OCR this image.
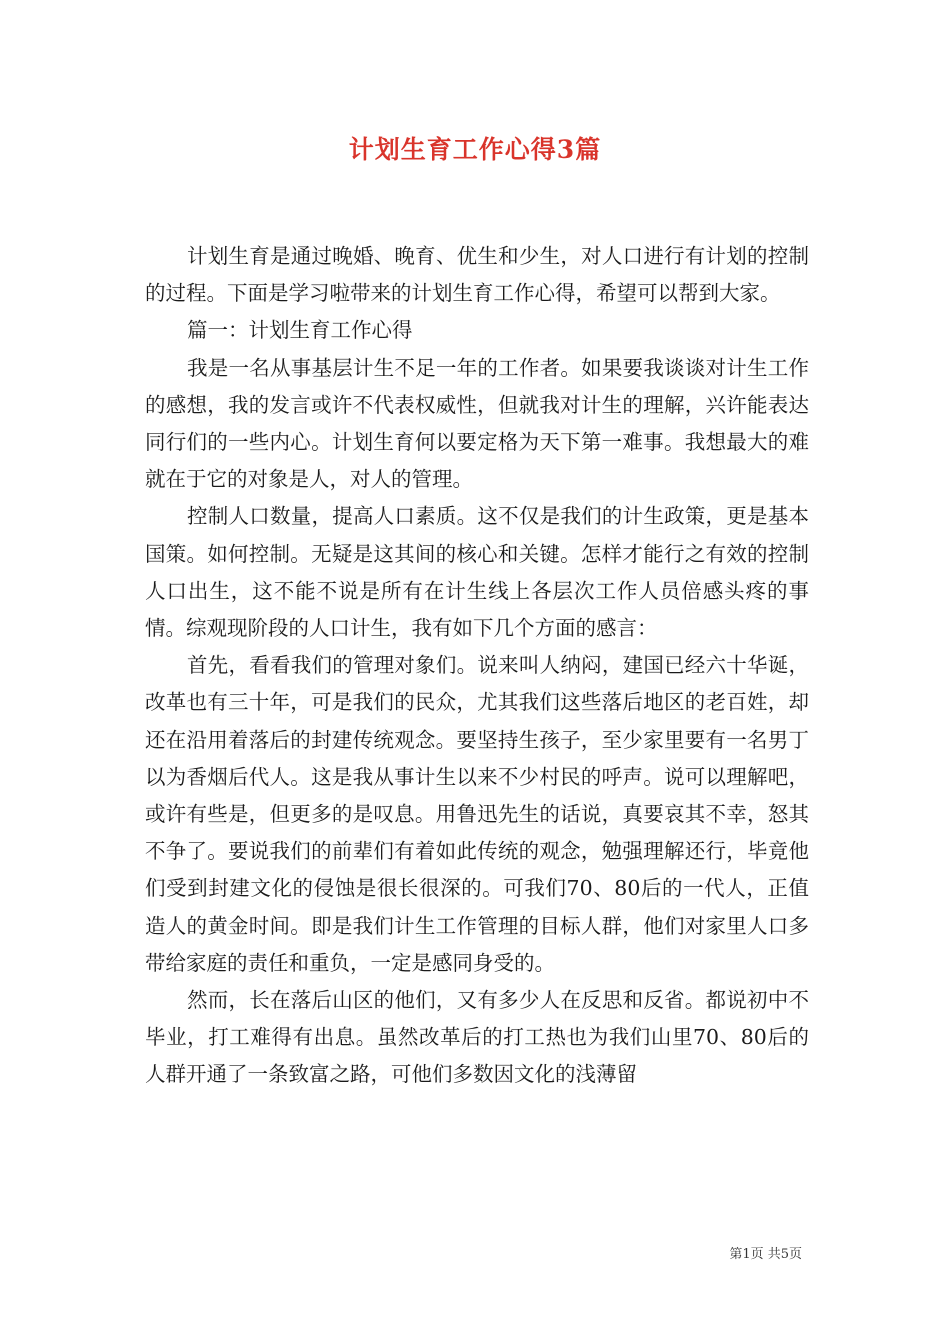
计划生育工作心得3篇

计划生育是通过晚婚、晚育、优生和少生，对人口进行有计划的控制的过程。下面是学习啦带来的计划生育工作心得，希望可以帮到大家。

篇一：计划生育工作心得

我是一名从事基层计生不足一年的工作者。如果要我谈谈对计生工作的感想，我的发言或许不代表权威性，但就我对计生的理解，兴许能表达同行们的一些内心。计划生育何以要定格为天下第一难事。我想最大的难就在于它的对象是人，对人的管理。

控制人口数量，提高人口素质。这不仅是我们的计生政策，更是基本国策。如何控制。无疑是这其间的核心和关键。怎样才能行之有效的控制人口出生，这不能不说是所有在计生线上各层次工作人员倍感头疼的事情。综观现阶段的人口计生，我有如下几个方面的感言：

首先，看看我们的管理对象们。说来叫人纳闷，建国已经六十华诞，改革也有三十年，可是我们的民众，尤其我们这些落后地区的老百姓，却还在沿用着落后的封建传统观念。要坚持生孩子，至少家里要有一名男丁以为香烟后代人。这是我从事计生以来不少村民的呼声。说可以理解吧，或许有些是，但更多的是叹息。用鲁迅先生的话说，真要哀其不幸，怒其不争了。要说我们的前辈们有着如此传统的观念，勉强理解还行，毕竟他们受到封建文化的侵蚀是很长很深的。可我们70、80后的一代人，正值造人的黄金时间。即是我们计生工作管理的目标人群，他们对家里人口多带给家庭的责任和重负，一定是感同身受的。

然而，长在落后山区的他们，又有多少人在反思和反省。都说初中不毕业，打工难得有出息。虽然改革后的打工热也为我们山里70、80后的人群开通了一条致富之路，可他们多数因文化的浅薄留

第1页 共5页
